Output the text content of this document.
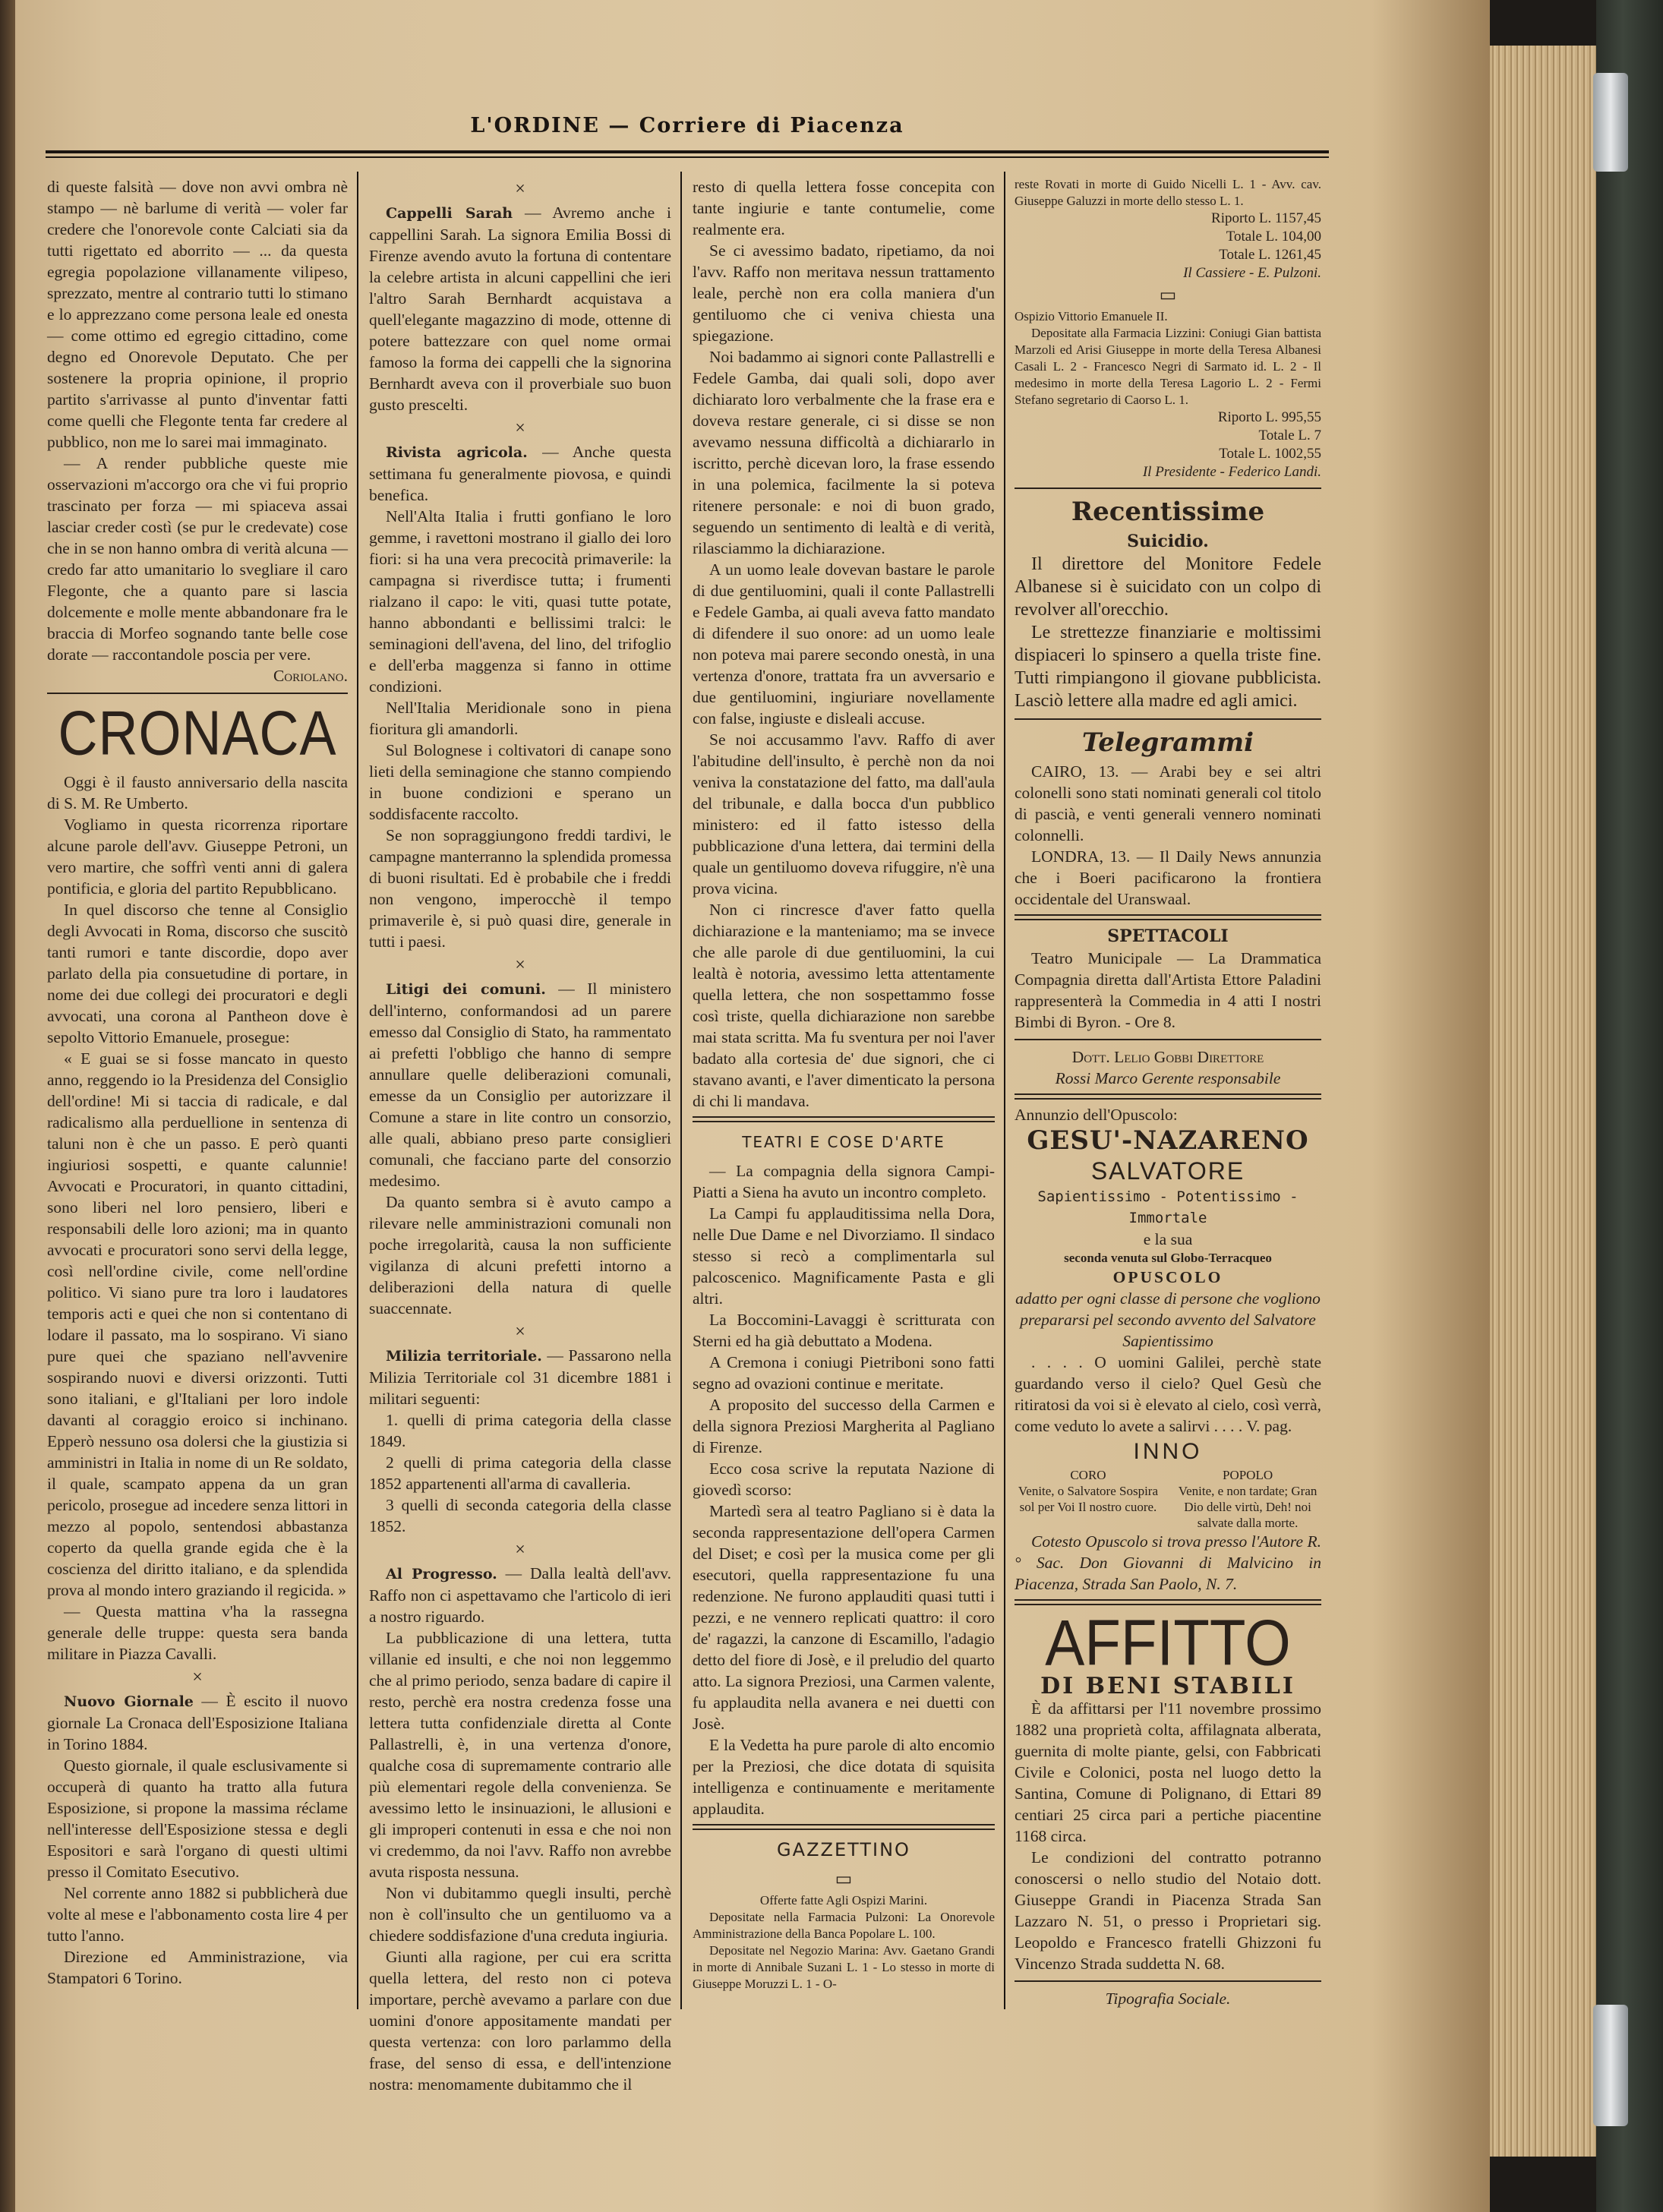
L'ORDINE — Corriere di Piacenza

di queste falsità — dove non avvi ombra nè stampo — nè barlume di verità — voler far credere che l'onorevole conte Calciati sia da tutti rigettato ed aborrito — ... da questa egregia popolazione villanamente vilipeso, sprezzato, mentre al contrario tutti lo stimano e lo apprezzano come persona leale ed onesta — come ottimo ed egregio cittadino, come degno ed Onorevole Deputato. Che per sostenere la propria opinione, il proprio partito s'arrivasse al punto d'inventar fatti come quelli che Flegonte tenta far credere al pubblico, non me lo sarei mai immaginato.

— A render pubbliche queste mie osservazioni m'accorgo ora che vi fui proprio trascinato per forza — mi spiaceva assai lasciar creder costì (se pur le credevate) cose che in se non hanno ombra di verità alcuna — credo far atto umanitario lo svegliare il caro Flegonte, che a quanto pare si lascia dolcemente e molle mente abbandonare fra le braccia di Morfeo sognando tante belle cose dorate — raccontandole poscia per vere.

Coriolano.

CRONACA

Oggi è il fausto anniversario della nascita di S. M. Re Umberto.

Vogliamo in questa ricorrenza riportare alcune parole dell'avv. Giuseppe Petroni, un vero martire, che soffrì venti anni di galera pontificia, e gloria del partito Repubblicano.

In quel discorso che tenne al Consiglio degli Avvocati in Roma, discorso che suscitò tanti rumori e tante discordie, dopo aver parlato della pia consuetudine di portare, in nome dei due collegi dei procuratori e degli avvocati, una corona al Pantheon dove è sepolto Vittorio Emanuele, prosegue:

« E guai se si fosse mancato in questo anno, reggendo io la Presidenza del Consiglio dell'ordine! Mi si taccia di radicale, e dal radicalismo alla perduellione in sentenza di taluni non è che un passo. E però quanti ingiuriosi sospetti, e quante calunnie! Avvocati e Procuratori, in quanto cittadini, sono liberi nel loro pensiero, liberi e responsabili delle loro azioni; ma in quanto avvocati e procuratori sono servi della legge, così nell'ordine civile, come nell'ordine politico. Vi siano pure tra loro i laudatores temporis acti e quei che non si contentano di lodare il passato, ma lo sospirano. Vi siano pure quei che spaziano nell'avvenire sospirando nuovi e diversi orizzonti. Tutti sono italiani, e gl'Italiani per loro indole davanti al coraggio eroico si inchinano. Epperò nessuno osa dolersi che la giustizia si amministri in Italia in nome di un Re soldato, il quale, scampato appena da un gran pericolo, prosegue ad incedere senza littori in mezzo al popolo, sentendosi abbastanza coperto da quella grande egida che è la coscienza del diritto italiano, e da splendida prova al mondo intero graziando il regicida. »

— Questa mattina v'ha la rassegna generale delle truppe: questa sera banda militare in Piazza Cavalli.

×

Nuovo Giornale — È escito il nuovo giornale La Cronaca dell'Esposizione Italiana in Torino 1884.

Questo giornale, il quale esclusivamente si occuperà di quanto ha tratto alla futura Esposizione, si propone la massima réclame nell'interesse dell'Esposizione stessa e degli Espositori e sarà l'organo di questi ultimi presso il Comitato Esecutivo.

Nel corrente anno 1882 si pubblicherà due volte al mese e l'abbonamento costa lire 4 per tutto l'anno.

Direzione ed Amministrazione, via Stampatori 6 Torino.

×

Cappelli Sarah — Avremo anche i cappellini Sarah. La signora Emilia Bossi di Firenze avendo avuto la fortuna di contentare la celebre artista in alcuni cappellini che ieri l'altro Sarah Bernhardt acquistava a quell'elegante magazzino di mode, ottenne di potere battezzare con quel nome ormai famoso la forma dei cappelli che la signorina Bernhardt aveva con il proverbiale suo buon gusto prescelti.

×

Rivista agricola. — Anche questa settimana fu generalmente piovosa, e quindi benefica.

Nell'Alta Italia i frutti gonfiano le loro gemme, i ravettoni mostrano il giallo dei loro fiori: si ha una vera precocità primaverile: la campagna si riverdisce tutta; i frumenti rialzano il capo: le viti, quasi tutte potate, hanno abbondanti e bellissimi tralci: le seminagioni dell'avena, del lino, del trifoglio e dell'erba maggenza si fanno in ottime condizioni.

Nell'Italia Meridionale sono in piena fioritura gli amandorli.

Sul Bolognese i coltivatori di canape sono lieti della seminagione che stanno compiendo in buone condizioni e sperano un soddisfacente raccolto.

Se non sopraggiungono freddi tardivi, le campagne manterranno la splendida promessa di buoni risultati. Ed è probabile che i freddi non vengono, imperocchè il tempo primaverile è, si può quasi dire, generale in tutti i paesi.

×

Litigi dei comuni. — Il ministero dell'interno, conformandosi ad un parere emesso dal Consiglio di Stato, ha rammentato ai prefetti l'obbligo che hanno di sempre annullare quelle deliberazioni comunali, emesse da un Consiglio per autorizzare il Comune a stare in lite contro un consorzio, alle quali, abbiano preso parte consiglieri comunali, che facciano parte del consorzio medesimo.

Da quanto sembra si è avuto campo a rilevare nelle amministrazioni comunali non poche irregolarità, causa la non sufficiente vigilanza di alcuni prefetti intorno a deliberazioni della natura di quelle suaccennate.

×

Milizia territoriale. — Passarono nella Milizia Territoriale col 31 dicembre 1881 i militari seguenti:

1. quelli di prima categoria della classe 1849.

2 quelli di prima categoria della classe 1852 appartenenti all'arma di cavalleria.

3 quelli di seconda categoria della classe 1852.

×

Al Progresso. — Dalla lealtà dell'avv. Raffo non ci aspettavamo che l'articolo di ieri a nostro riguardo.

La pubblicazione di una lettera, tutta villanie ed insulti, e che noi non leggemmo che al primo periodo, senza badare di capire il resto, perchè era nostra credenza fosse una lettera tutta confidenziale diretta al Conte Pallastrelli, è, in una vertenza d'onore, qualche cosa di supremamente contrario alle più elementari regole della convenienza. Se avessimo letto le insinuazioni, le allusioni e gli improperi contenuti in essa e che noi non vi credemmo, da noi l'avv. Raffo non avrebbe avuta risposta nessuna.

Non vi dubitammo quegli insulti, perchè non è coll'insulto che un gentiluomo va a chiedere soddisfazione d'una creduta ingiuria.

Giunti alla ragione, per cui era scritta quella lettera, del resto non ci poteva importare, perchè avevamo a parlare con due uomini d'onore appositamente mandati per questa vertenza: con loro parlammo della frase, del senso di essa, e dell'intenzione nostra: menomamente dubitammo che il

resto di quella lettera fosse concepita con tante ingiurie e tante contumelie, come realmente era.

Se ci avessimo badato, ripetiamo, da noi l'avv. Raffo non meritava nessun trattamento leale, perchè non era colla maniera d'un gentiluomo che ci veniva chiesta una spiegazione.

Noi badammo ai signori conte Pallastrelli e Fedele Gamba, dai quali soli, dopo aver dichiarato loro verbalmente che la frase era e doveva restare generale, ci si disse se non avevamo nessuna difficoltà a dichiararlo in iscritto, perchè dicevan loro, la frase essendo in una polemica, facilmente la si poteva ritenere personale: e noi di buon grado, seguendo un sentimento di lealtà e di verità, rilasciammo la dichiarazione.

A un uomo leale dovevan bastare le parole di due gentiluomini, quali il conte Pallastrelli e Fedele Gamba, ai quali aveva fatto mandato di difendere il suo onore: ad un uomo leale non poteva mai parere secondo onestà, in una vertenza d'onore, trattata fra un avversario e due gentiluomini, ingiuriare novellamente con false, ingiuste e disleali accuse.

Se noi accusammo l'avv. Raffo di aver l'abitudine dell'insulto, è perchè non da noi veniva la constatazione del fatto, ma dall'aula del tribunale, e dalla bocca d'un pubblico ministero: ed il fatto istesso della pubblicazione d'una lettera, dai termini della quale un gentiluomo doveva rifuggire, n'è una prova vicina.

Non ci rincresce d'aver fatto quella dichiarazione e la manteniamo; ma se invece che alle parole di due gentiluomini, la cui lealtà è notoria, avessimo letta attentamente quella lettera, che non sospettammo fosse così triste, quella dichiarazione non sarebbe mai stata scritta. Ma fu sventura per noi l'aver badato alla cortesia de' due signori, che ci stavano avanti, e l'aver dimenticato la persona di chi li mandava.

TEATRI E COSE D'ARTE

— La compagnia della signora Campi-Piatti a Siena ha avuto un incontro completo.

La Campi fu applauditissima nella Dora, nelle Due Dame e nel Divorziamo. Il sindaco stesso si recò a complimentarla sul palcoscenico. Magnificamente Pasta e gli altri.

La Boccomini-Lavaggi è scritturata con Sterni ed ha già debuttato a Modena.

A Cremona i coniugi Pietriboni sono fatti segno ad ovazioni continue e meritate.

A proposito del successo della Carmen e della signora Preziosi Margherita al Pagliano di Firenze.

Ecco cosa scrive la reputata Nazione di giovedì scorso:

Martedì sera al teatro Pagliano si è data la seconda rappresentazione dell'opera Carmen del Diset; e così per la musica come per gli esecutori, quella rappresentazione fu una redenzione. Ne furono applauditi quasi tutti i pezzi, e ne vennero replicati quattro: il coro de' ragazzi, la canzone di Escamillo, l'adagio detto del fiore di Josè, e il preludio del quarto atto. La signora Preziosi, una Carmen valente, fu applaudita nella avanera e nei duetti con Josè.

E la Vedetta ha pure parole di alto encomio per la Preziosi, che dice dotata di squisita intelligenza e continuamente e meritamente applaudita.

GAZZETTINO
▭

Offerte fatte Agli Ospizi Marini.

Depositate nella Farmacia Pulzoni: La Onorevole Amministrazione della Banca Popolare L. 100.

Depositate nel Negozio Marina: Avv. Gaetano Grandi in morte di Annibale Suzani L. 1 - Lo stesso in morte di Giuseppe Moruzzi L. 1 - O-

reste Rovati in morte di Guido Nicelli L. 1 - Avv. cav. Giuseppe Galuzzi in morte dello stesso L. 1.

Riporto L. 1157,45
Totale L. 104,00
Totale L. 1261,45
Il Cassiere - E. Pulzoni.
▭

Ospizio Vittorio Emanuele II.

Depositate alla Farmacia Lizzini: Coniugi Gian battista Marzoli ed Arisi Giuseppe in morte della Teresa Albanesi Casali L. 2 - Francesco Negri di Sarmato id. L. 2 - Il medesimo in morte della Teresa Lagorio L. 2 - Fermi Stefano segretario di Caorso L. 1.

Riporto L. 995,55
Totale L. 7
Totale L. 1002,55
Il Presidente - Federico Landi.
Recentissime
Suicidio.

Il direttore del Monitore Fedele Albanese si è suicidato con un colpo di revolver all'orecchio.

Le strettezze finanziarie e moltissimi dispiaceri lo spinsero a quella triste fine. Tutti rimpiangono il giovane pubblicista. Lasciò lettere alla madre ed agli amici.

Telegrammi

CAIRO, 13. — Arabi bey e sei altri colonelli sono stati nominati generali col titolo di pascià, e venti generali vennero nominati colonnelli.

LONDRA, 13. — Il Daily News annunzia che i Boeri pacificarono la frontiera occidentale del Uranswaal.

SPETTACOLI

Teatro Municipale — La Drammatica Compagnia diretta dall'Artista Ettore Paladini rappresenterà la Commedia in 4 atti I nostri Bimbi di Byron. - Ore 8.

Dott. Lelio Gobbi Direttore

Rossi Marco Gerente responsabile

Annunzio dell'Opuscolo:

GESU'-NAZARENO
SALVATORE

Sapientissimo - Potentissimo - Immortale

e la sua

seconda venuta sul Globo-Terracqueo

OPUSCOLO

adatto per ogni classe di persone che vogliono prepararsi pel secondo avvento del Salvatore Sapientissimo

. . . . O uomini Galilei, perchè state guardando verso il cielo? Quel Gesù che ritiratosi da voi si è elevato al cielo, così verrà, come veduto lo avete a salirvi . . . . V. pag.

INNO
CORO	POPOLO
Venite, o Salvatore Sospira sol per Voi Il nostro cuore.
Venite, e non tardate; Gran Dio delle virtù, Deh! noi salvate dalla morte.

Cotesto Opuscolo si trova presso l'Autore R.° Sac. Don Giovanni di Malvicino in Piacenza, Strada San Paolo, N. 7.

AFFITTO
DI BENI STABILI

È da affittarsi per l'11 novembre prossimo 1882 una proprietà colta, affilagnata alberata, guernita di molte piante, gelsi, con Fabbricati Civile e Colonici, posta nel luogo detto la Santina, Comune di Polignano, di Ettari 89 centiari 25 circa pari a pertiche piacentine 1168 circa.

Le condizioni del contratto potranno conoscersi o nello studio del Notaio dott. Giuseppe Grandi in Piacenza Strada San Lazzaro N. 51, o presso i Proprietari sig. Leopoldo e Francesco fratelli Ghizzoni fu Vincenzo Strada suddetta N. 68.

Tipografia Sociale.
